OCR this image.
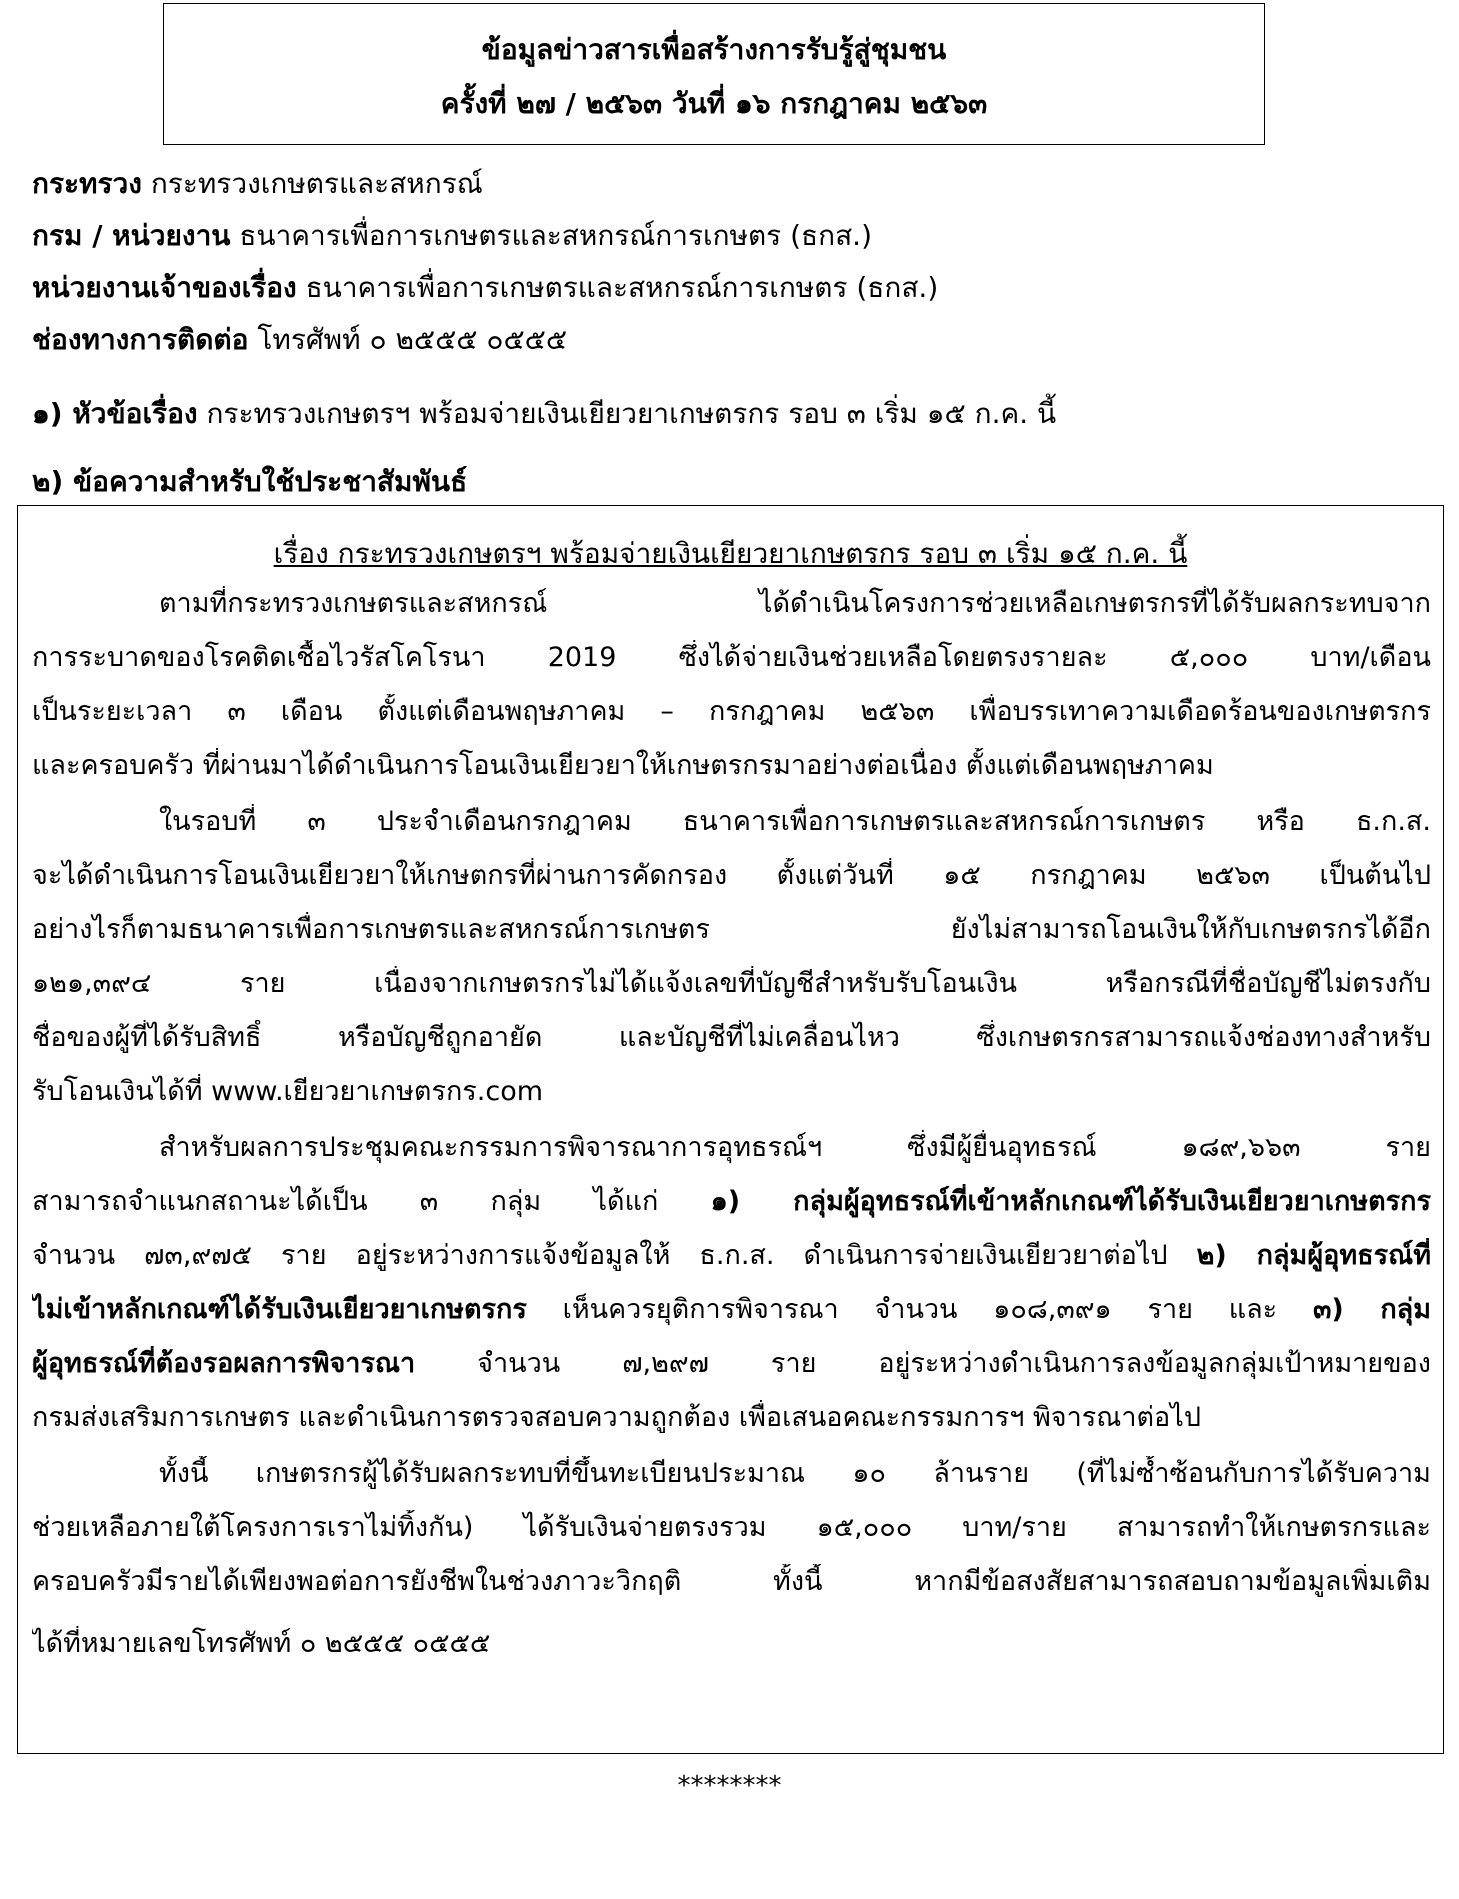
ข้อมูลข่าวสารเพื่อสร้างการรับรู้สู่ชุมชน
ครั้งที่ ๒๗ / ๒๕๖๓ วันที่ ๑๖ กรกฎาคม ๒๕๖๓
กระทรวง กระทรวงเกษตรและสหกรณ์
กรม / หน่วยงาน ธนาคารเพื่อการเกษตรและสหกรณ์การเกษตร (ธกส.)
หน่วยงานเจ้าของเรื่อง ธนาคารเพื่อการเกษตรและสหกรณ์การเกษตร (ธกส.)
ช่องทางการติดต่อ โทรศัพท์ ๐ ๒๕๕๕ ๐๕๕๕
๑) หัวข้อเรื่อง กระทรวงเกษตรฯ พร้อมจ่ายเงินเยียวยาเกษตรกร รอบ ๓ เริ่ม ๑๕ ก.ค. นี้
๒) ข้อความสำหรับใช้ประชาสัมพันธ์
เรื่อง กระทรวงเกษตรฯ พร้อมจ่ายเงินเยียวยาเกษตรกร รอบ ๓ เริ่ม ๑๕ ก.ค. นี้
ตามที่กระทรวงเกษตรและสหกรณ์ ได้ดำเนินโครงการช่วยเหลือเกษตรกรที่ได้รับผลกระทบจาก
การระบาดของโรคติดเชื้อไวรัสโคโรนา 2019 ซึ่งได้จ่ายเงินช่วยเหลือโดยตรงรายละ ๕,๐๐๐ บาท/เดือน
เป็นระยะเวลา ๓ เดือน ตั้งแต่เดือนพฤษภาคม – กรกฎาคม ๒๕๖๓ เพื่อบรรเทาความเดือดร้อนของเกษตรกร
และครอบครัว ที่ผ่านมาได้ดำเนินการโอนเงินเยียวยาให้เกษตรกรมาอย่างต่อเนื่อง ตั้งแต่เดือนพฤษภาคม
ในรอบที่ ๓ ประจำเดือนกรกฎาคม ธนาคารเพื่อการเกษตรและสหกรณ์การเกษตร หรือ ธ.ก.ส.
จะได้ดำเนินการโอนเงินเยียวยาให้เกษตกรที่ผ่านการคัดกรอง ตั้งแต่วันที่ ๑๕ กรกฎาคม ๒๕๖๓ เป็นต้นไป
อย่างไรก็ตามธนาคารเพื่อการเกษตรและสหกรณ์การเกษตร ยังไม่สามารถโอนเงินให้กับเกษตรกรได้อีก
๑๒๑,๓๙๔ ราย เนื่องจากเกษตรกรไม่ได้แจ้งเลขที่บัญชีสำหรับรับโอนเงิน หรือกรณีที่ชื่อบัญชีไม่ตรงกับ
ชื่อของผู้ที่ได้รับสิทธิ์ หรือบัญชีถูกอายัด และบัญชีที่ไม่เคลื่อนไหว ซึ่งเกษตรกรสามารถแจ้งช่องทางสำหรับ
รับโอนเงินได้ที่ www.เยียวยาเกษตรกร.com
สำหรับผลการประชุมคณะกรรมการพิจารณาการอุทธรณ์ฯ ซึ่งมีผู้ยื่นอุทธรณ์ ๑๘๙,๖๖๓ ราย
สามารถจำแนกสถานะได้เป็น ๓ กลุ่ม ได้แก่ ๑) กลุ่มผู้อุทธรณ์ที่เข้าหลักเกณฑ์ได้รับเงินเยียวยาเกษตรกร
จำนวน ๗๓,๙๗๕ ราย อยู่ระหว่างการแจ้งข้อมูลให้ ธ.ก.ส. ดำเนินการจ่ายเงินเยียวยาต่อไป ๒) กลุ่มผู้อุทธรณ์ที่
ไม่เข้าหลักเกณฑ์ได้รับเงินเยียวยาเกษตรกร เห็นควรยุติการพิจารณา จำนวน ๑๐๘,๓๙๑ ราย และ ๓) กลุ่ม
ผู้อุทธรณ์ที่ต้องรอผลการพิจารณา จำนวน ๗,๒๙๗ ราย อยู่ระหว่างดำเนินการลงข้อมูลกลุ่มเป้าหมายของ
กรมส่งเสริมการเกษตร และดำเนินการตรวจสอบความถูกต้อง เพื่อเสนอคณะกรรมการฯ พิจารณาต่อไป
ทั้งนี้ เกษตรกรผู้ได้รับผลกระทบที่ขึ้นทะเบียนประมาณ ๑๐ ล้านราย (ที่ไม่ซ้ำซ้อนกับการได้รับความ
ช่วยเหลือภายใต้โครงการเราไม่ทิ้งกัน) ได้รับเงินจ่ายตรงรวม ๑๕,๐๐๐ บาท/ราย สามารถทำให้เกษตรกรและ
ครอบครัวมีรายได้เพียงพอต่อการยังชีพในช่วงภาวะวิกฤติ ทั้งนี้ หากมีข้อสงสัยสามารถสอบถามข้อมูลเพิ่มเติม
ได้ที่หมายเลขโทรศัพท์ ๐ ๒๕๕๕ ๐๕๕๕
********
